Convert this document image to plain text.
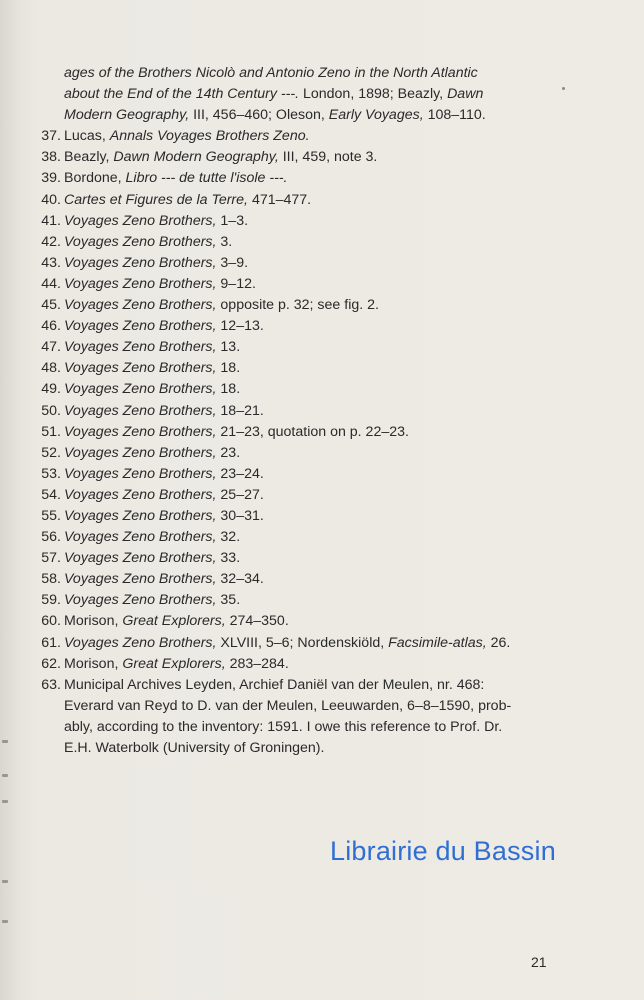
ages of the Brothers Nicolò and Antonio Zeno in the North Atlantic
about the End of the 14th Century ---. London, 1898; Beazly, Dawn
Modern Geography, III, 456–460; Oleson, Early Voyages, 108–110.
37. Lucas, Annals Voyages Brothers Zeno.
38. Beazly, Dawn Modern Geography, III, 459, note 3.
39. Bordone, Libro --- de tutte l'isole ---.
40. Cartes et Figures de la Terre, 471–477.
41. Voyages Zeno Brothers, 1–3.
42. Voyages Zeno Brothers, 3.
43. Voyages Zeno Brothers, 3–9.
44. Voyages Zeno Brothers, 9–12.
45. Voyages Zeno Brothers, opposite p. 32; see fig. 2.
46. Voyages Zeno Brothers, 12–13.
47. Voyages Zeno Brothers, 13.
48. Voyages Zeno Brothers, 18.
49. Voyages Zeno Brothers, 18.
50. Voyages Zeno Brothers, 18–21.
51. Voyages Zeno Brothers, 21–23, quotation on p. 22–23.
52. Voyages Zeno Brothers, 23.
53. Voyages Zeno Brothers, 23–24.
54. Voyages Zeno Brothers, 25–27.
55. Voyages Zeno Brothers, 30–31.
56. Voyages Zeno Brothers, 32.
57. Voyages Zeno Brothers, 33.
58. Voyages Zeno Brothers, 32–34.
59. Voyages Zeno Brothers, 35.
60. Morison, Great Explorers, 274–350.
61. Voyages Zeno Brothers, XLVIII, 5–6; Nordenskiöld, Facsimile-atlas, 26.
62. Morison, Great Explorers, 283–284.
63. Municipal Archives Leyden, Archief Daniël van der Meulen, nr. 468:
Everard van Reyd to D. van der Meulen, Leeuwarden, 6–8–1590, prob-
ably, according to the inventory: 1591. I owe this reference to Prof. Dr.
E.H. Waterbolk (University of Groningen).
Librairie du Bassin
21
